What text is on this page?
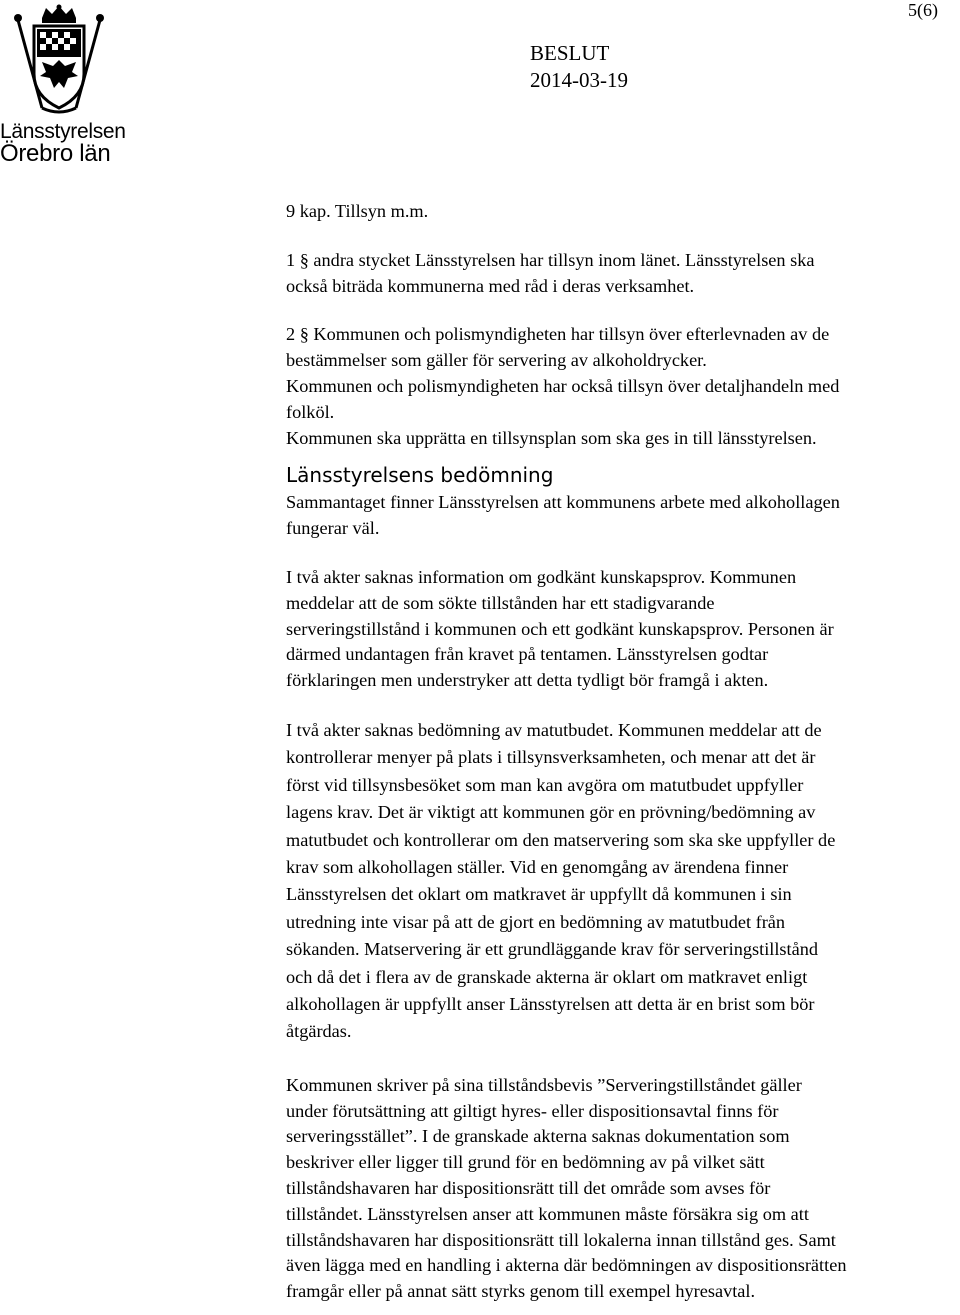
5(6)
Länsstyrelsen
Örebro län
BESLUT
2014-03-19

9 kap. Tillsyn m.m.

1 § andra stycket Länsstyrelsen har tillsyn inom länet. Länsstyrelsen ska
också biträda kommunerna med råd i deras verksamhet.

2 § Kommunen och polismyndigheten har tillsyn över efterlevnaden av de
bestämmelser som gäller för servering av alkoholdrycker.
Kommunen och polismyndigheten har också tillsyn över detaljhandeln med
folköl.
Kommunen ska upprätta en tillsynsplan som ska ges in till länsstyrelsen.

Länsstyrelsens bedömning

Sammantaget finner Länsstyrelsen att kommunens arbete med alkohollagen
fungerar väl.

I två akter saknas information om godkänt kunskapsprov. Kommunen
meddelar att de som sökte tillstånden har ett stadigvarande
serveringstillstånd i kommunen och ett godkänt kunskapsprov. Personen är
därmed undantagen från kravet på tentamen. Länsstyrelsen godtar
förklaringen men understryker att detta tydligt bör framgå i akten.

I två akter saknas bedömning av matutbudet. Kommunen meddelar att de
kontrollerar menyer på plats i tillsynsverksamheten, och menar att det är
först vid tillsynsbesöket som man kan avgöra om matutbudet uppfyller
lagens krav. Det är viktigt att kommunen gör en prövning/bedömning av
matutbudet och kontrollerar om den matservering som ska ske uppfyller de
krav som alkohollagen ställer. Vid en genomgång av ärendena finner
Länsstyrelsen det oklart om matkravet är uppfyllt då kommunen i sin
utredning inte visar på att de gjort en bedömning av matutbudet från
sökanden. Matservering är ett grundläggande krav för serveringstillstånd
och då det i flera av de granskade akterna är oklart om matkravet enligt
alkohollagen är uppfyllt anser Länsstyrelsen att detta är en brist som bör
åtgärdas.

Kommunen skriver på sina tillståndsbevis ”Serveringstillståndet gäller
under förutsättning att giltigt hyres- eller dispositionsavtal finns för
serveringsstället”. I de granskade akterna saknas dokumentation som
beskriver eller ligger till grund för en bedömning av på vilket sätt
tillståndshavaren har dispositionsrätt till det område som avses för
tillståndet. Länsstyrelsen anser att kommunen måste försäkra sig om att
tillståndshavaren har dispositionsrätt till lokalerna innan tillstånd ges. Samt
även lägga med en handling i akterna där bedömningen av dispositionsrätten
framgår eller på annat sätt styrks genom till exempel hyresavtal.
